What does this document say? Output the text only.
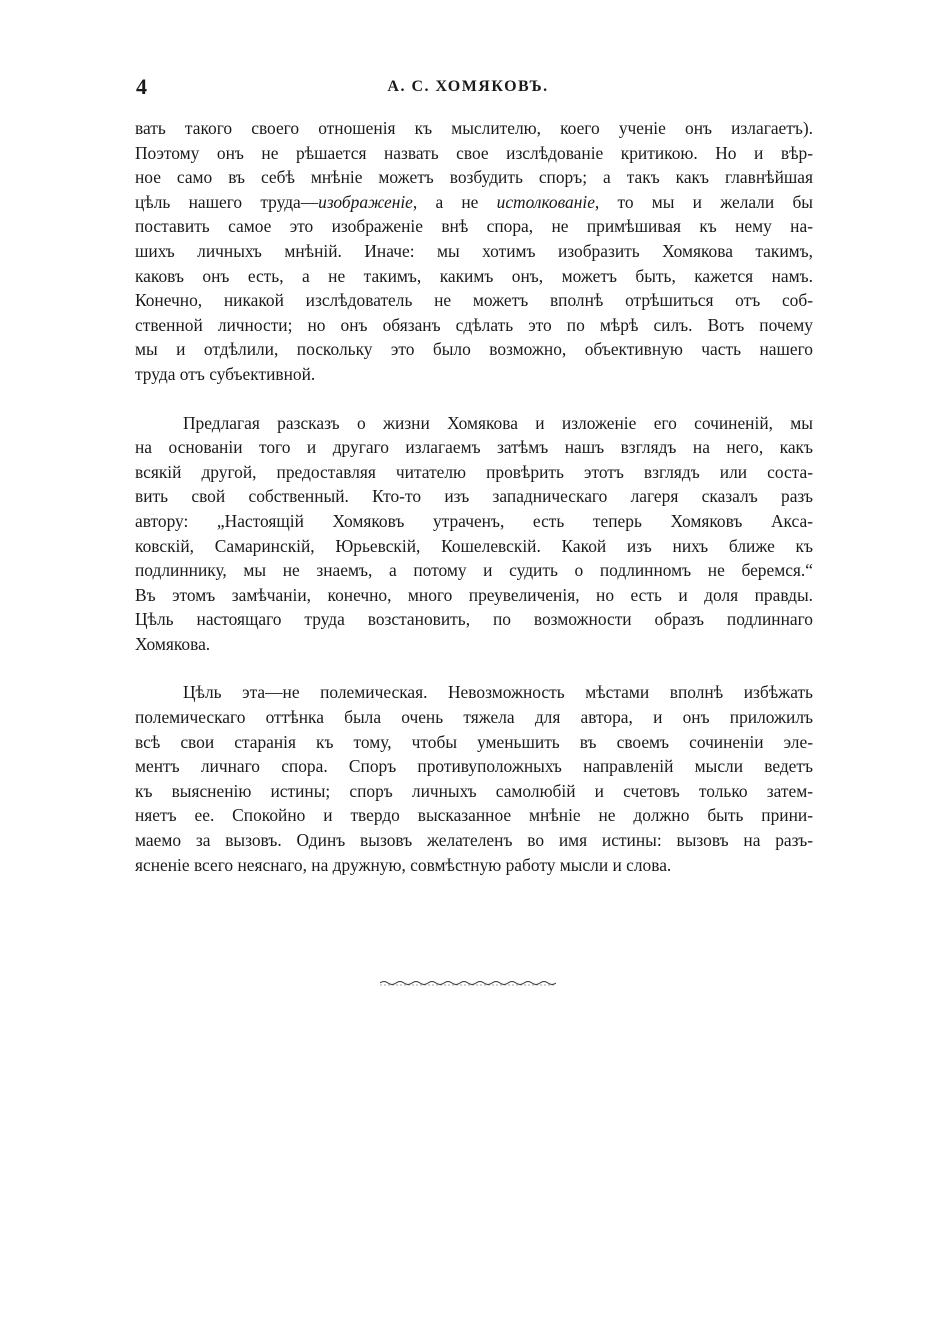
4	А. С. ХОМЯКОВЪ.

вать такого своего отношенія къ мыслителю, коего ученіе онъ излагаетъ).
Поэтому онъ не рѣшается назвать свое изслѣдованіе критикою. Но и вѣр-
ное само въ себѣ мнѣніе можетъ возбудить споръ; а такъ какъ главнѣйшая
цѣль нашего труда—изображеніе, а не истолкованіе, то мы и желали бы
поставить самое это изображеніе внѣ спора, не примѣшивая къ нему на-
шихъ личныхъ мнѣній. Иначе: мы хотимъ изобразить Хомякова такимъ,
каковъ онъ есть, а не такимъ, какимъ онъ, можетъ быть, кажется намъ.
Конечно, никакой изслѣдователь не можетъ вполнѣ отрѣшиться отъ соб-
ственной личности; но онъ обязанъ сдѣлать это по мѣрѣ силъ. Вотъ почему
мы и отдѣлили, поскольку это было возможно, объективную часть нашего
труда отъ субъективной.

Предлагая разсказъ о жизни Хомякова и изложеніе его сочиненій, мы
на основаніи того и другаго излагаемъ затѣмъ нашъ взглядъ на него, какъ
всякій другой, предоставляя читателю провѣрить этотъ взглядъ или соста-
вить свой собственный. Кто-то изъ западническаго лагеря сказалъ разъ
автору: „Настоящій Хомяковъ утраченъ, есть теперь Хомяковъ Акса-
ковскій, Самаринскій, Юрьевскій, Кошелевскій. Какой изъ нихъ ближе къ
подлиннику, мы не знаемъ, а потому и судить о подлинномъ не беремся.“
Въ этомъ замѣчаніи, конечно, много преувеличенія, но есть и доля правды.
Цѣль настоящаго труда возстановить, по возможности образъ подлиннаго
Хомякова.

Цѣль эта—не полемическая. Невозможность мѣстами вполнѣ избѣжать
полемическаго оттѣнка была очень тяжела для автора, и онъ приложилъ
всѣ свои старанія къ тому, чтобы уменьшить въ своемъ сочиненіи эле-
ментъ личнаго спора. Споръ противуположныхъ направленій мысли ведетъ
къ выясненію истины; споръ личныхъ самолюбій и счетовъ только затем-
няетъ ее. Спокойно и твердо высказанное мнѣніе не должно быть прини-
маемо за вызовъ. Одинъ вызовъ желателенъ во имя истины: вызовъ на разъ-
ясненіе всего неяснаго, на дружную, совмѣстную работу мысли и слова.
